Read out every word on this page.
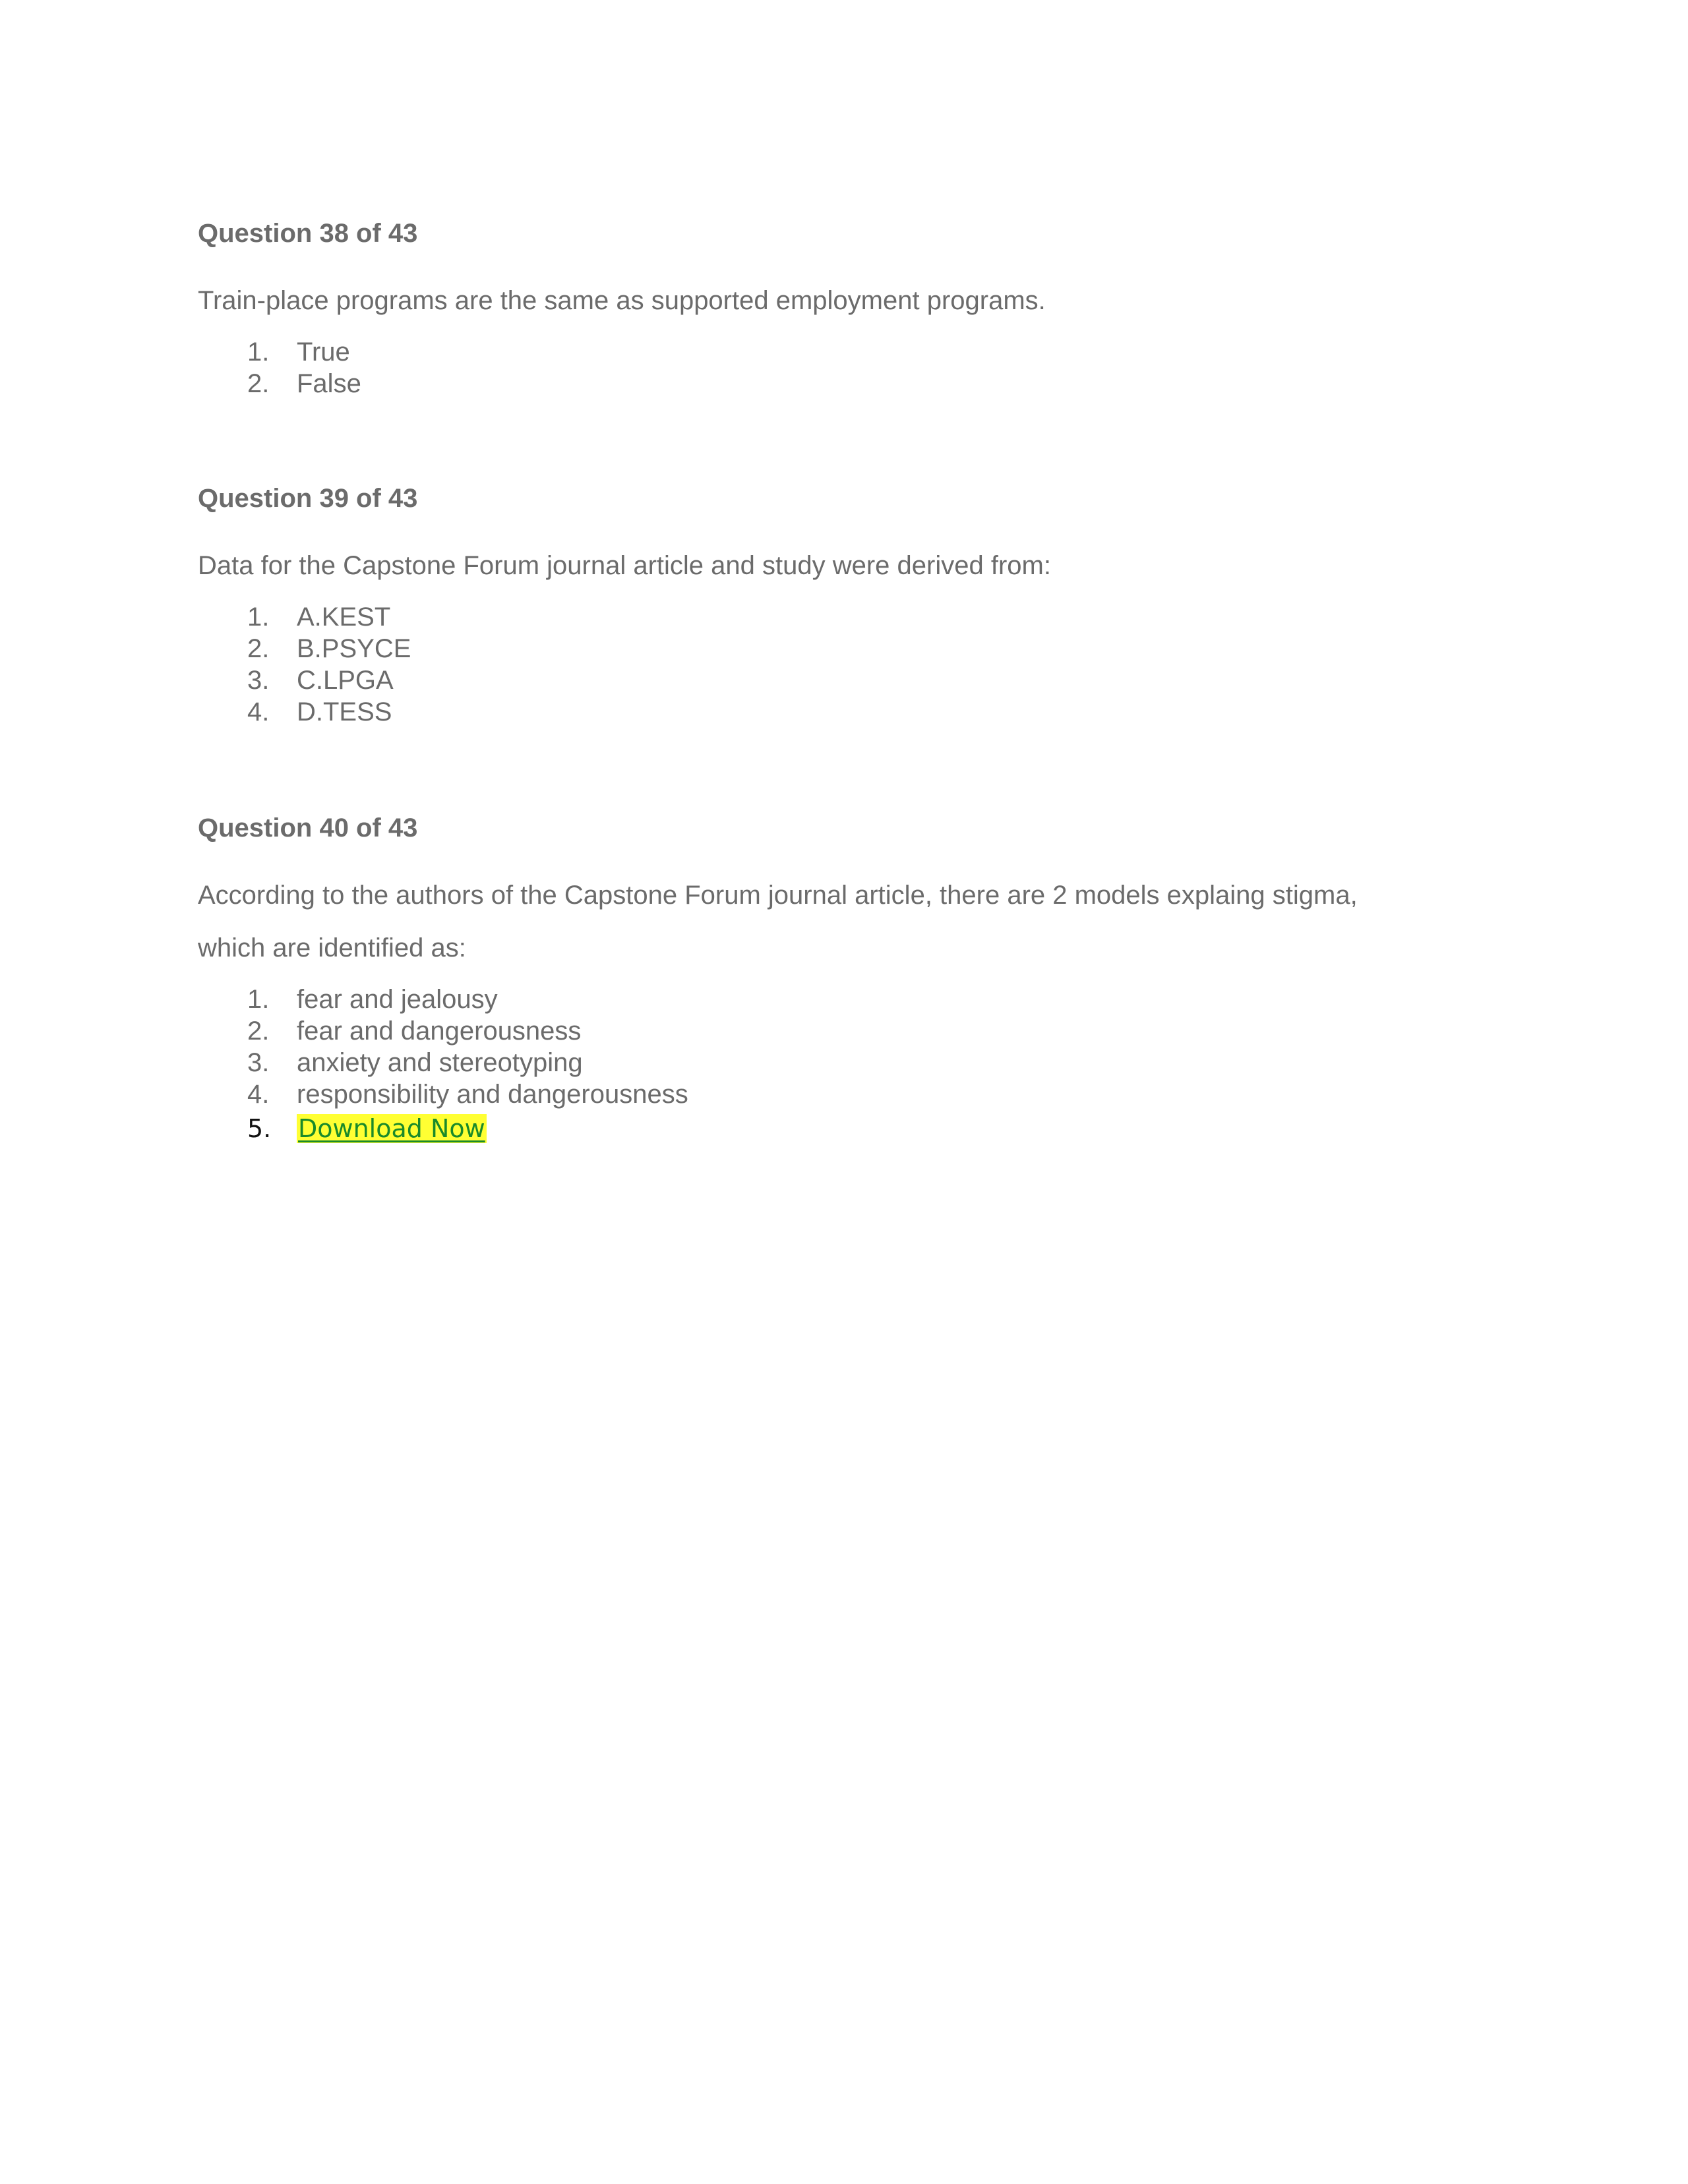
Question 38 of 43

Train-place programs are the same as supported employment programs.

1.	True
2.	False

Question 39 of 43

Data for the Capstone Forum journal article and study were derived from:

1.	A.KEST
2.	B.PSYCE
3.	C.LPGA
4.	D.TESS

Question 40 of 43

According to the authors of the Capstone Forum journal article, there are 2 models explaing stigma,

which are identified as:

1.	fear and jealousy
2.	fear and dangerousness
3.	anxiety and stereotyping
4.	responsibility and dangerousness
5.	Download Now
